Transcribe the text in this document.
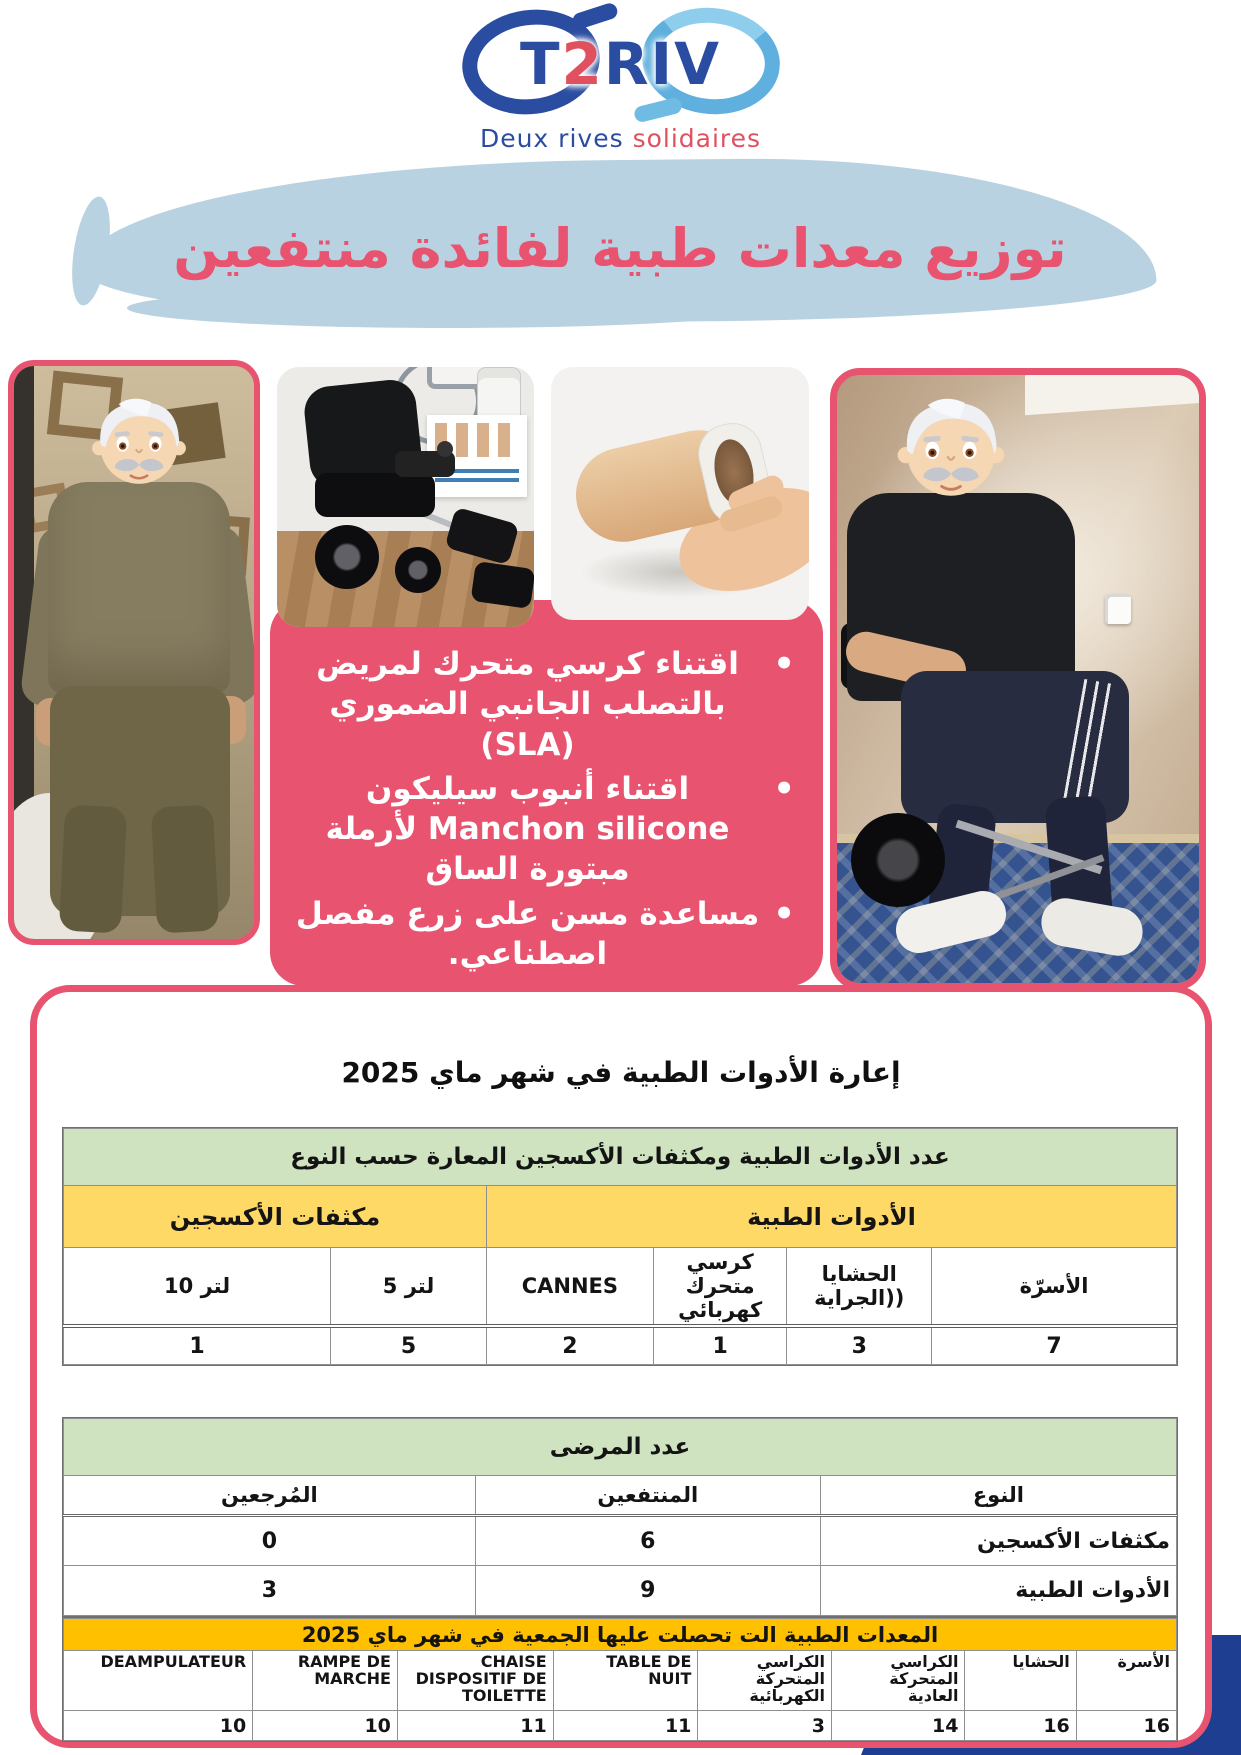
T2RIV
Deux rives solidaires
توزيع معدات طبية لفائدة منتفعين
• اقتناء كرسي متحرك لمريض بالتصلب الجانبي الضموري (SLA)
• اقتناء أنبوب سيليكون Manchon silicone لأرملة مبتورة الساق
• مساعدة مسن على زرع مفصل اصطناعي.
إعارة الأدوات الطبية في شهر ماي 2025
عدد الأدوات الطبية ومكثفات الأكسجين المعارة حسب النوع					
مكثفات الأكسجين		الأدوات الطبية			
10 لتر	5 لتر	CANNES	كرسي متحرك كهربائي	الحشايا ((الجراية	الأسرّة
1	5	2	1	3	7
عدد المرضى		
المُرجعين	المنتفعين	النوع
0	6	مكثفات الأكسجين
3	9	الأدوات الطبية
المعدات الطبية الت تحصلت عليها الجمعية في شهر ماي 2025							
DEAMPULATEUR	RAMPE DE MARCHE	CHAISE DISPOSITIF DE TOILETTE	TABLE DE NUIT	الكراسي المتحركة الكهربائية	الكراسي المتحركة العادية	الحشايا	الأسرة
10	10	11	11	3	14	16	16
